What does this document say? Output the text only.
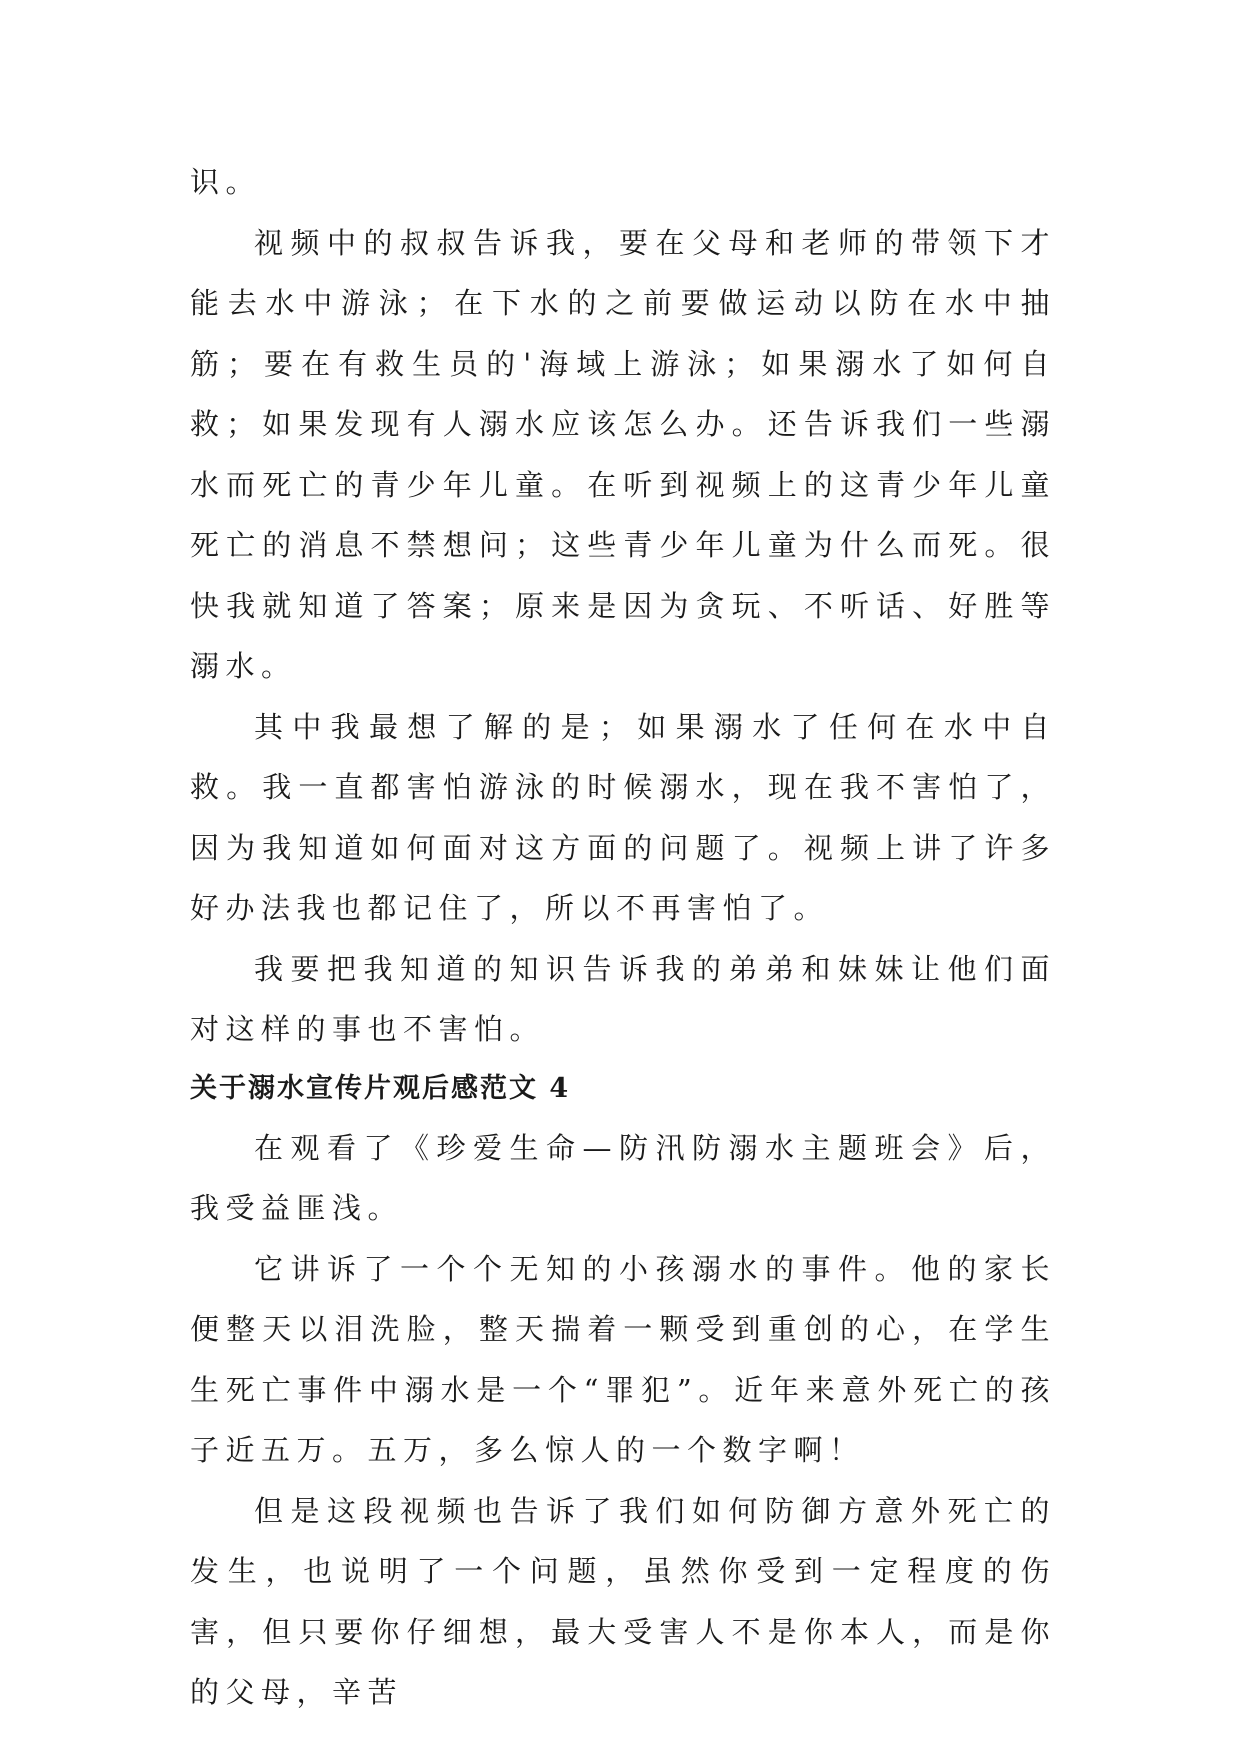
识。

视频中的叔叔告诉我，要在父母和老师的带领下才能去水中游泳；在下水的之前要做运动以防在水中抽筋；要在有救生员的'海域上游泳；如果溺水了如何自救；如果发现有人溺水应该怎么办。还告诉我们一些溺水而死亡的青少年儿童。在听到视频上的这青少年儿童死亡的消息不禁想问；这些青少年儿童为什么而死。很快我就知道了答案；原来是因为贪玩、不听话、好胜等溺水。

其中我最想了解的是；如果溺水了任何在水中自救。我一直都害怕游泳的时候溺水，现在我不害怕了，因为我知道如何面对这方面的问题了。视频上讲了许多好办法我也都记住了，所以不再害怕了。

我要把我知道的知识告诉我的弟弟和妹妹让他们面对这样的事也不害怕。

关于溺水宣传片观后感范文 4

在观看了《珍爱生命—防汛防溺水主题班会》后，我受益匪浅。

它讲诉了一个个无知的小孩溺水的事件。他的家长便整天以泪洗脸，整天揣着一颗受到重创的心，在学生生死亡事件中溺水是一个“罪犯”。近年来意外死亡的孩子近五万。五万，多么惊人的一个数字啊！

但是这段视频也告诉了我们如何防御方意外死亡的发生，也说明了一个问题，虽然你受到一定程度的伤害，但只要你仔细想，最大受害人不是你本人，而是你的父母，辛苦
